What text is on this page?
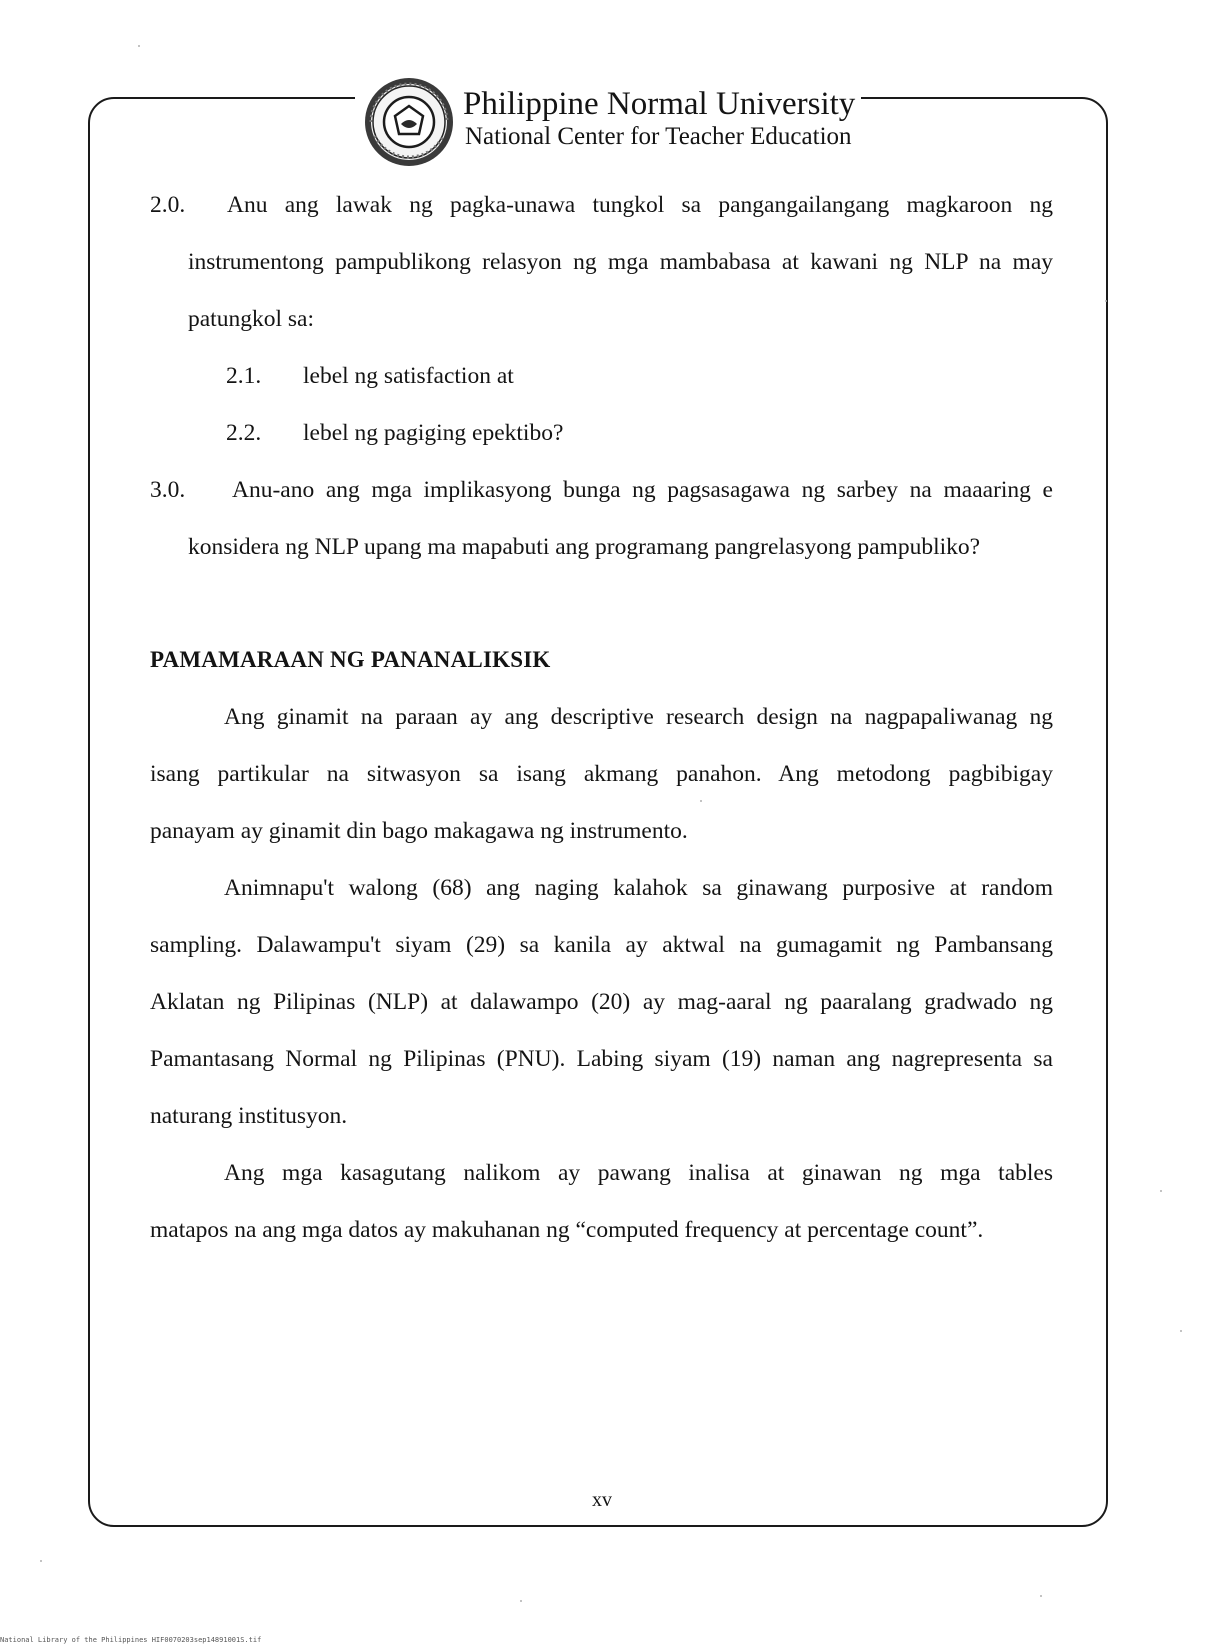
Philippine Normal University
National Center for Teacher Education
2.0. Anu ang lawak ng pagka-unawa tungkol sa pangangailangang magkaroon ng
instrumentong pampublikong relasyon ng mga mambabasa at kawani ng NLP na may
patungkol sa:
2.1. lebel ng satisfaction at
2.2. lebel ng pagiging epektibo?
3.0. Anu-ano ang mga implikasyong bunga ng pagsasagawa ng sarbey na maaaring e
konsidera ng NLP upang ma mapabuti ang programang pangrelasyong pampubliko?
PAMAMARAAN NG PANANALIKSIK
Ang ginamit na paraan ay ang descriptive research design na nagpapaliwanag ng
isang partikular na sitwasyon sa isang akmang panahon. Ang metodong pagbibigay
panayam ay ginamit din bago makagawa ng instrumento.
Animnapu't walong (68) ang naging kalahok sa ginawang purposive at random
sampling. Dalawampu't siyam (29) sa kanila ay aktwal na gumagamit ng Pambansang
Aklatan ng Pilipinas (NLP) at dalawampo (20) ay mag-aaral ng paaralang gradwado ng
Pamantasang Normal ng Pilipinas (PNU). Labing siyam (19) naman ang nagrepresenta sa
naturang institusyon.
Ang mga kasagutang nalikom ay pawang inalisa at ginawan ng mga tables
matapos na ang mga datos ay makuhanan ng “computed frequency at percentage count”.
xv
National Library of the Philippines HIF0070203sep14891001S.tif
